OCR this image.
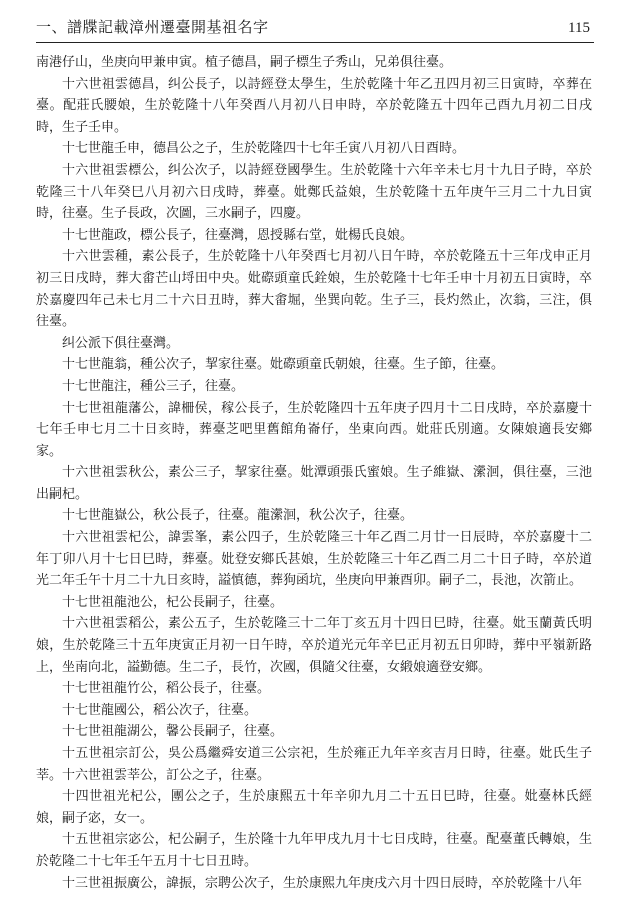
一、譜牒記載漳州遷臺開基祖名字	115

南港仔山，坐庚向甲兼申寅。植子德昌，嗣子標生子秀山，兄弟俱往臺。

十六世祖雲德昌，纠公長子，以詩經登太學生，生於乾隆十年乙丑四月初三日寅時，卒葬在臺。配莊氏腰娘，生於乾隆十八年癸酉八月初八日申時，卒於乾隆五十四年己酉九月初二日戌時，生子壬申。

十七世龍壬申，德昌公之子，生於乾隆四十七年壬寅八月初八日酉時。

十六世祖雲標公，纠公次子，以詩經登國學生。生於乾隆十六年辛未七月十九日子時，卒於乾隆三十八年癸巳八月初六日戌時，葬臺。妣鄭氏益娘，生於乾隆十五年庚午三月二十九日寅時，往臺。生子長政，次圖，三水嗣子，四慶。

十七世龍政，標公長子，往臺灣，恩授縣右堂，妣楊氏良娘。

十六世雲種，素公長子，生於乾隆十八年癸酉七月初八日午時，卒於乾隆五十三年戊申正月初三日戌時，葬大畬芒山埒田中央。妣磜頭童氏銓娘，生於乾隆十七年壬申十月初五日寅時，卒於嘉慶四年己未七月二十六日丑時，葬大畬堀，坐巽向乾。生子三，長灼然止，次翁，三注，俱往臺。

纠公派下俱往臺灣。

十七世龍翁，種公次子，挈家往臺。妣磜頭童氏朝娘，往臺。生子節，往臺。

十七世龍注，種公三子，往臺。

十七世祖龍藩公，諱柵侯，稼公長子，生於乾隆四十五年庚子四月十二日戌時，卒於嘉慶十七年壬申七月二十日亥時，葬臺芝吧里舊館角崙仔，坐東向西。妣莊氏別適。女陳娘適長安鄉家。

十六世祖雲秋公，素公三子，挈家往臺。妣潭頭張氏蜜娘。生子維嶽、瀠洄，俱往臺，三池出嗣杞。

十七世龍嶽公，秋公長子，往臺。龍瀠洄，秋公次子，往臺。

十六世祖雲杞公，諱雲峯，素公四子，生於乾隆三十年乙酉二月廿一日辰時，卒於嘉慶十二年丁卯八月十七日巳時，葬臺。妣登安鄉氏甚娘，生於乾隆三十年乙酉二月二十日子時，卒於道光二年壬午十月二十九日亥時，謚慎德，葬狗函坑，坐庚向甲兼酉卯。嗣子二，長池，次箭止。

十七世祖龍池公，杞公長嗣子，往臺。

十六世祖雲稻公，素公五子，生於乾隆三十二年丁亥五月十四日巳時，往臺。妣玉蘭黃氏明娘，生於乾隆三十五年庚寅正月初一日午時，卒於道光元年辛巳正月初五日卯時，葬中平嶺新路上，坐南向北，謚勤德。生二子，長竹，次國，俱隨父往臺，女緞娘適登安鄉。

十七世祖龍竹公，稻公長子，往臺。

十七世龍國公，稻公次子，往臺。

十七世祖龍湖公，馨公長嗣子，往臺。

十五世祖宗訂公，吳公爲繼舜安道三公宗祀，生於雍正九年辛亥吉月日時，往臺。妣氏生子莘。十六世祖雲莘公，訂公之子，往臺。

十四世祖光杞公，團公之子，生於康熙五十年辛卯九月二十五日巳時，往臺。妣臺林氏經娘，嗣子宓，女一。

十五世祖宗宓公，杞公嗣子，生於隆十九年甲戌九月十七日戌時，往臺。配臺董氏轉娘，生於乾隆二十七年壬午五月十七日丑時。

十三世祖振廣公，諱振，宗聘公次子，生於康熙九年庚戌六月十四日辰時，卒於乾隆十八年
